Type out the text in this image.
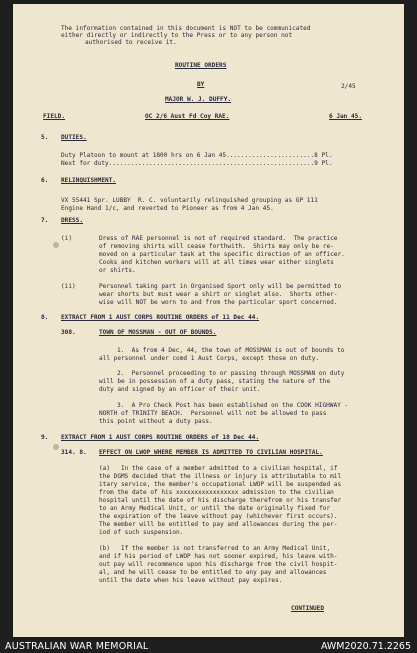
The information contained in this document is NOT to be communicated
either directly or indirectly to the Press or to any person not
authorised to receive it.
ROUTINE ORDERS
BY	2/45
MAJOR W. J. DUFFY.
FIELD.	OC 2/6 Aust Fd Coy RAE.	6 Jan 45.
5. DUTIES.
Duty Platoon to mount at 1800 hrs on 6 Jan 45........................8 Pl.
Next for duty........................................................9 Pl.
6. RELINQUISHMENT.
VX 55441 Spr. LUBBY  R. C. voluntarily relinquished grouping as GP 111
Engine Hand 1/c, and reverted to Pioneer as from 4 Jan 45.
7. DRESS.
(i)	Dress of RAE personnel is not of required standard.  The practice
of removing shirts will cease forthwith.  Shirts may only be re-
moved on a particular task at the specific direction of an officer.
Cooks and kitchen workers will at all times wear either singlets
or shirts.
(ii)	Personnel taking part in Organised Sport only will be permitted to
wear shorts but must wear a shirt or singlet also.  Shorts other-
wise will NOT be worn to and from the particular sport concerned.
8. EXTRACT FROM 1 AUST CORPS ROUTINE ORDERS of 11 Dec 44.
308.	TOWN OF MOSSMAN - OUT OF BOUNDS.
1.  As from 4 Dec, 44, the town of MOSSMAN is out of bounds to
all personnel under comd 1 Aust Corps, except those on duty.
2.  Personnel proceeding to or passing through MOSSMAN on duty
will be in possession of a duty pass, stating the nature of the
duty and signed by an officer of their unit.
3.  A Pro Check Post has been established on the COOK HIGHWAY -
NORTH of TRINITY BEACH.  Personnel will not be allowed to pass
this point without a duty pass.
9. EXTRACT FROM 1 AUST CORPS ROUTINE ORDERS of 18 Dec 44.
314. 8. EFFECT ON LWOP WHERE MEMBER IS ADMITTED TO CIVILIAN HOSPITAL.
(a)   In the case of a member admitted to a civilian hospital, if
the DGMS decided that the illness or injury is attributable to mil
itary service, the member's occupational LWOP will be suspended as
from the date of his xxxxxxxxxxxxxxxxx admission to the civilian
hospital until the date of his discharge therefrom or his transfer
to an Army Medical Unit, or until the date originally fixed for
the expiration of the leave without pay (whichever first occurs).
The member will be entitled to pay and allowances during the per-
iod of such suspension.
(b)   If the member is not transferred to an Army Medical Unit,
and if his period of LWOP has not sooner expired, his leave with-
out pay will recommence upon his discharge from the civil hospit-
al, and he will cease to be entitled to any pay and allowances
until the date when his leave without pay expires.
CONTINUED
AUSTRALIAN WAR MEMORIAL	AWM2020.71.2265
